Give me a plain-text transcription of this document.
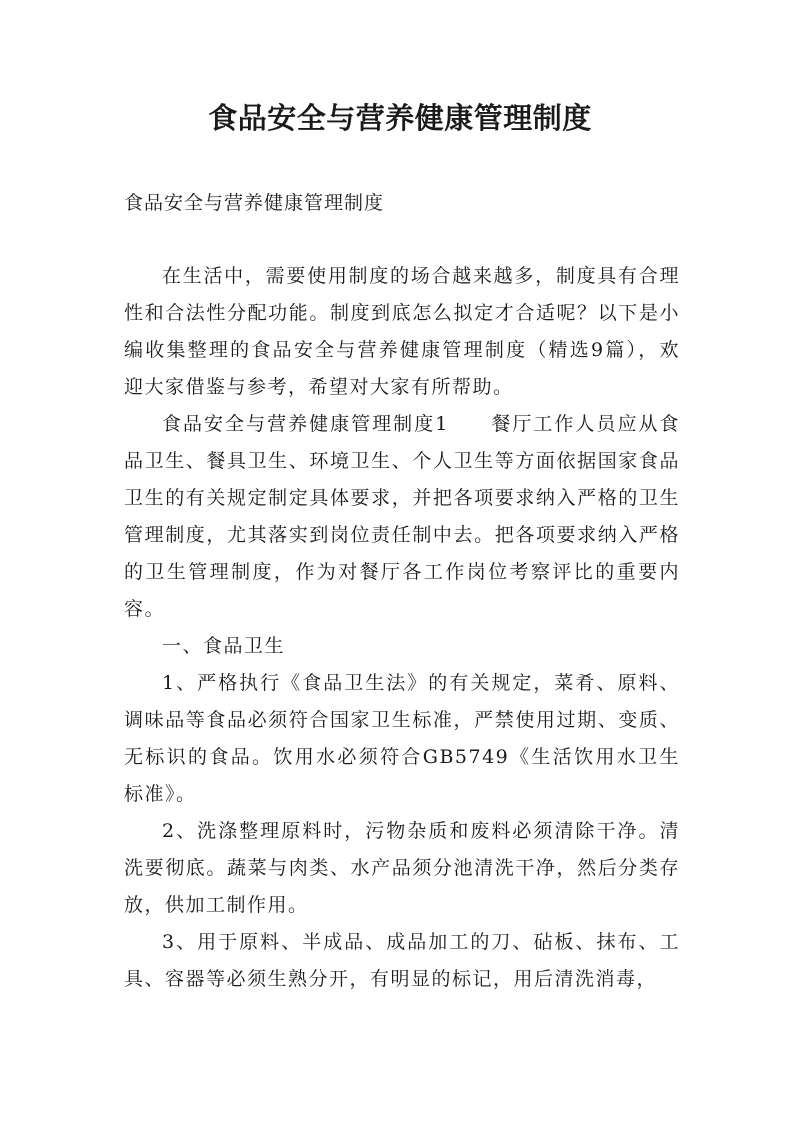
食品安全与营养健康管理制度

食品安全与营养健康管理制度

在生活中，需要使用制度的场合越来越多，制度具有合理性和合法性分配功能。制度到底怎么拟定才合适呢？以下是小编收集整理的食品安全与营养健康管理制度（精选9篇），欢迎大家借鉴与参考，希望对大家有所帮助。

食品安全与营养健康管理制度1　　餐厅工作人员应从食品卫生、餐具卫生、环境卫生、个人卫生等方面依据国家食品卫生的有关规定制定具体要求，并把各项要求纳入严格的卫生管理制度，尤其落实到岗位责任制中去。把各项要求纳入严格的卫生管理制度，作为对餐厅各工作岗位考察评比的重要内容。

一、食品卫生

1、严格执行《食品卫生法》的有关规定，菜肴、原料、调味品等食品必须符合国家卫生标准，严禁使用过期、变质、无标识的食品。饮用水必须符合GB5749《生活饮用水卫生标准》。

2、洗涤整理原料时，污物杂质和废料必须清除干净。清洗要彻底。蔬菜与肉类、水产品须分池清洗干净，然后分类存放，供加工制作用。

3、用于原料、半成品、成品加工的刀、砧板、抹布、工具、容器等必须生熟分开，有明显的标记，用后清洗消毒，
